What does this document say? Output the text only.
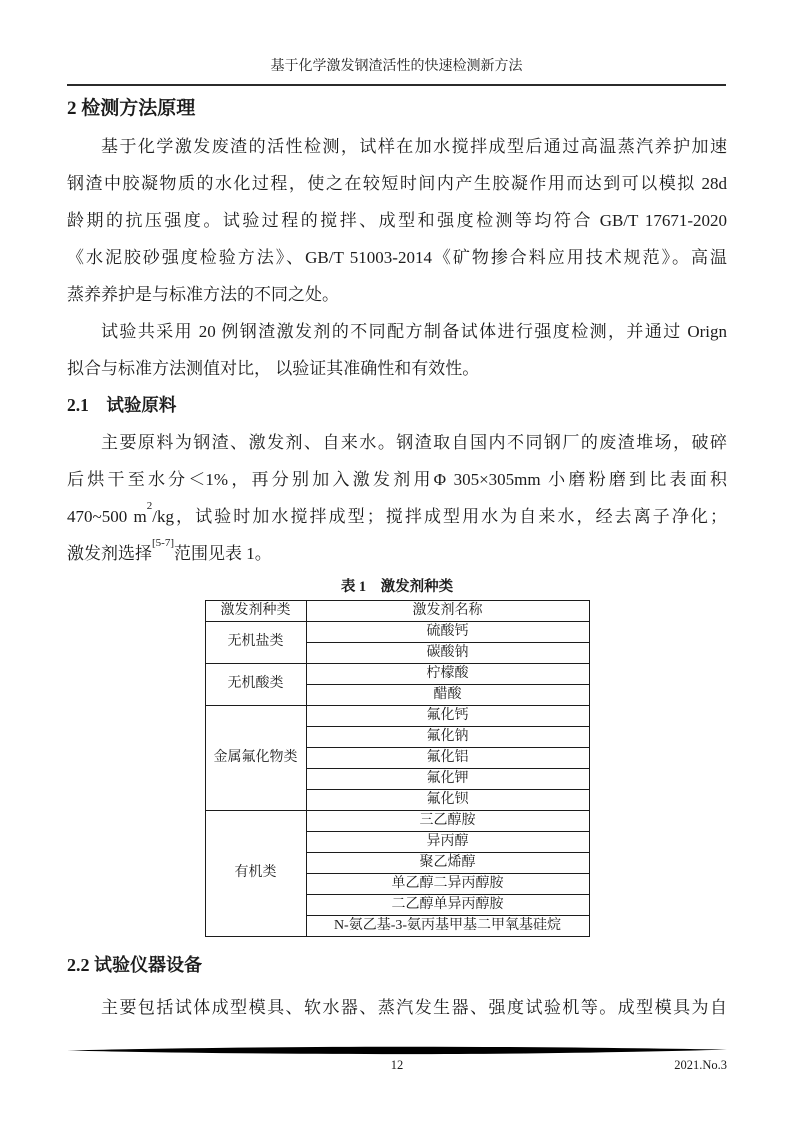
基于化学激发钢渣活性的快速检测新方法
2 检测方法原理
基于化学激发废渣的活性检测，试样在加水搅拌成型后通过高温蒸汽养护加速
钢渣中胶凝物质的水化过程，使之在较短时间内产生胶凝作用而达到可以模拟 28d
龄期的抗压强度。试验过程的搅拌、成型和强度检测等均符合 GB/T 17671-2020
《水泥胶砂强度检验方法》、GB/T 51003-2014《矿物掺合料应用技术规范》。高温
蒸养养护是与标准方法的不同之处。
试验共采用 20 例钢渣激发剂的不同配方制备试体进行强度检测，并通过 Orign
拟合与标准方法测值对比， 以验证其准确性和有效性。
2.1　试验原料
主要原料为钢渣、激发剂、自来水。钢渣取自国内不同钢厂的废渣堆场，破碎
后烘干至水分＜1%，再分别加入激发剂用Φ 305×305mm 小磨粉磨到比表面积
470~500 $m^2/kg$，试验时加水搅拌成型；搅拌成型用水为自来水，经去离子净化；
激发剂选择[5-7]范围见表 1。
表 1　激发剂种类
激发剂种类	激发剂名称
无机盐类	硫酸钙
	碳酸钠
无机酸类	柠檬酸
	醋酸
金属氟化物类	氟化钙
	氟化钠
	氟化铝
	氟化钾
	氟化钡
有机类	三乙醇胺
	异丙醇
	聚乙烯醇
	单乙醇二异丙醇胺
	二乙醇单异丙醇胺
	N-氨乙基-3-氨丙基甲基二甲氧基硅烷
2.2 试验仪器设备
主要包括试体成型模具、软水器、蒸汽发生器、强度试验机等。成型模具为自
12	2021.No.3
